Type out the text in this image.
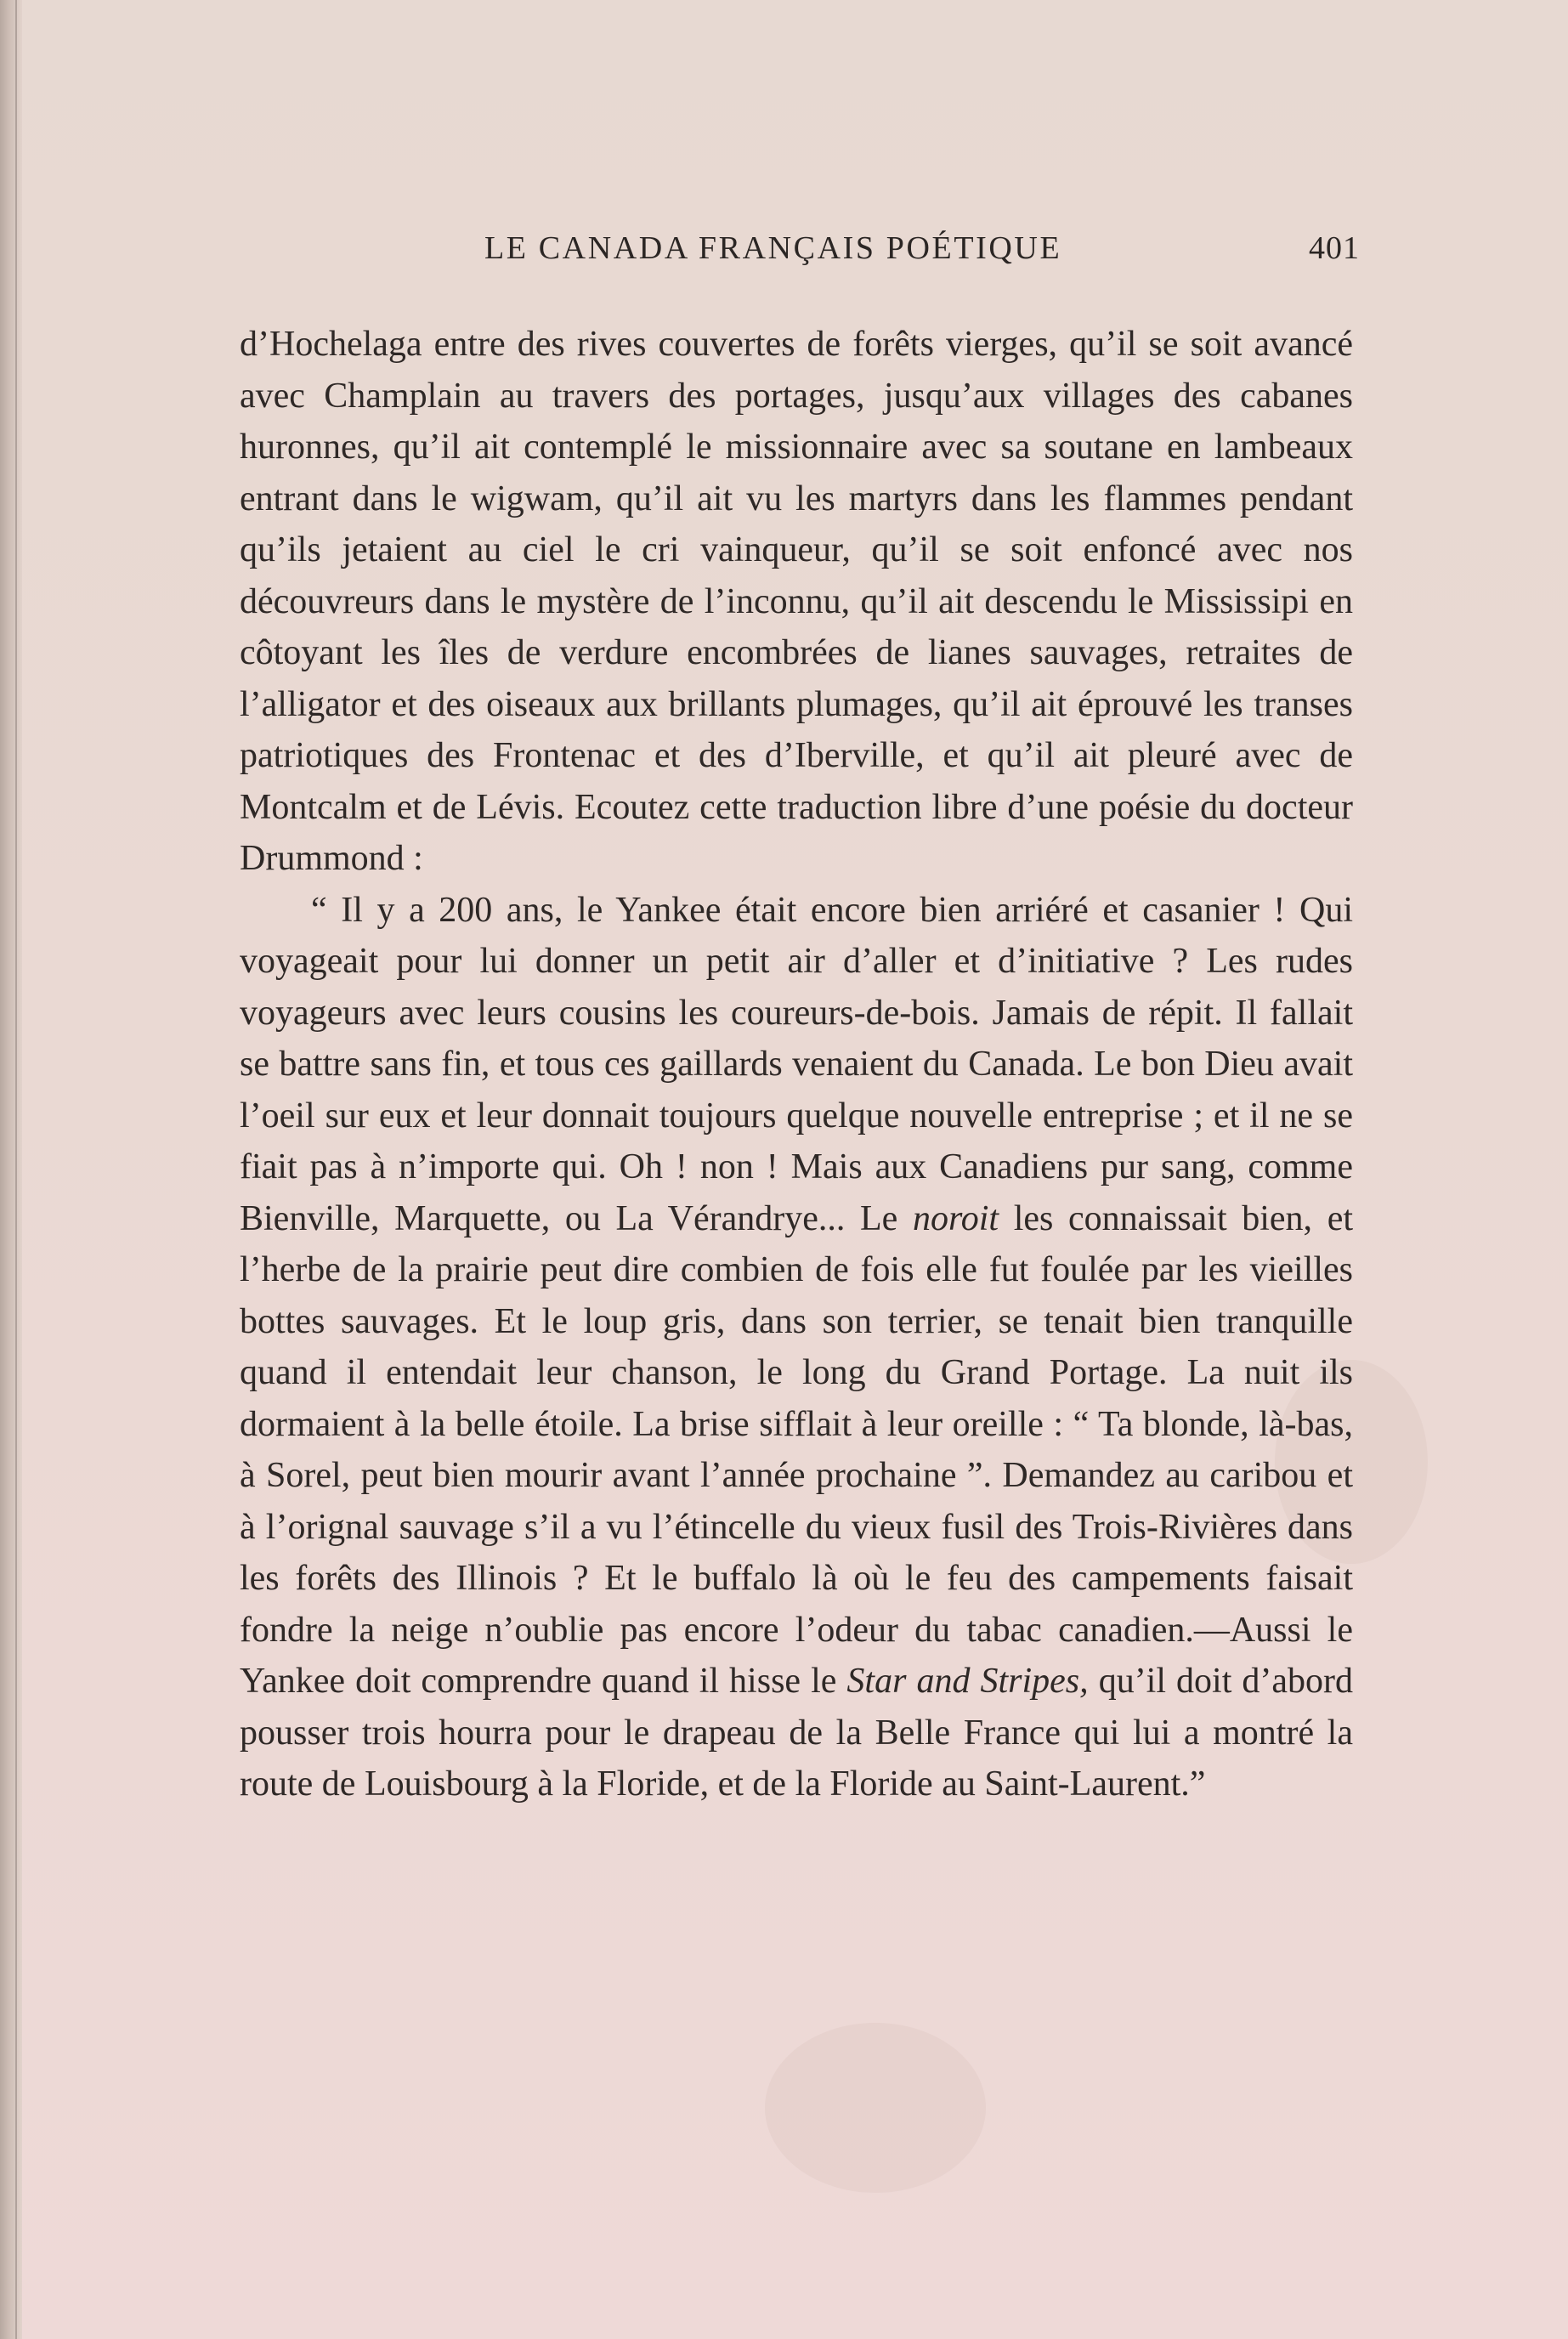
LE CANADA FRANÇAIS POÉTIQUE	401

d’Hochelaga entre des rives couvertes de forêts vierges, qu’il se soit avancé avec Champlain au travers des portages, jusqu’aux villages des cabanes huronnes, qu’il ait contemplé le missionnaire avec sa soutane en lambeaux entrant dans le wigwam, qu’il ait vu les martyrs dans les flammes pendant qu’ils jetaient au ciel le cri vainqueur, qu’il se soit enfoncé avec nos découvreurs dans le mystère de l’inconnu, qu’il ait descendu le Mississipi en côtoyant les îles de verdure encombrées de lianes sauvages, retraites de l’alligator et des oiseaux aux brillants plumages, qu’il ait éprouvé les transes patriotiques des Frontenac et des d’Iberville, et qu’il ait pleuré avec de Montcalm et de Lévis. Ecoutez cette traduction libre d’une poésie du docteur Drummond :

“ Il y a 200 ans, le Yankee était encore bien arriéré et casanier ! Qui voyageait pour lui donner un petit air d’aller et d’initiative ? Les rudes voyageurs avec leurs cousins les coureurs-de-bois. Jamais de répit. Il fallait se battre sans fin, et tous ces gaillards venaient du Canada. Le bon Dieu avait l’oeil sur eux et leur donnait toujours quelque nouvelle entreprise ; et il ne se fiait pas à n’importe qui. Oh ! non ! Mais aux Canadiens pur sang, comme Bienville, Marquette, ou La Vérandrye... Le noroit les connaissait bien, et l’herbe de la prairie peut dire combien de fois elle fut foulée par les vieilles bottes sauvages. Et le loup gris, dans son terrier, se tenait bien tranquille quand il entendait leur chanson, le long du Grand Portage. La nuit ils dormaient à la belle étoile. La brise sifflait à leur oreille : “ Ta blonde, là-bas, à Sorel, peut bien mourir avant l’année prochaine ”. Demandez au caribou et à l’orignal sauvage s’il a vu l’étincelle du vieux fusil des Trois-Rivières dans les forêts des Illinois ? Et le buffalo là où le feu des campements faisait fondre la neige n’oublie pas encore l’odeur du tabac canadien.—Aussi le Yankee doit comprendre quand il hisse le Star and Stripes, qu’il doit d’abord pousser trois hourra pour le drapeau de la Belle France qui lui a montré la route de Louisbourg à la Floride, et de la Floride au Saint-Laurent.”
